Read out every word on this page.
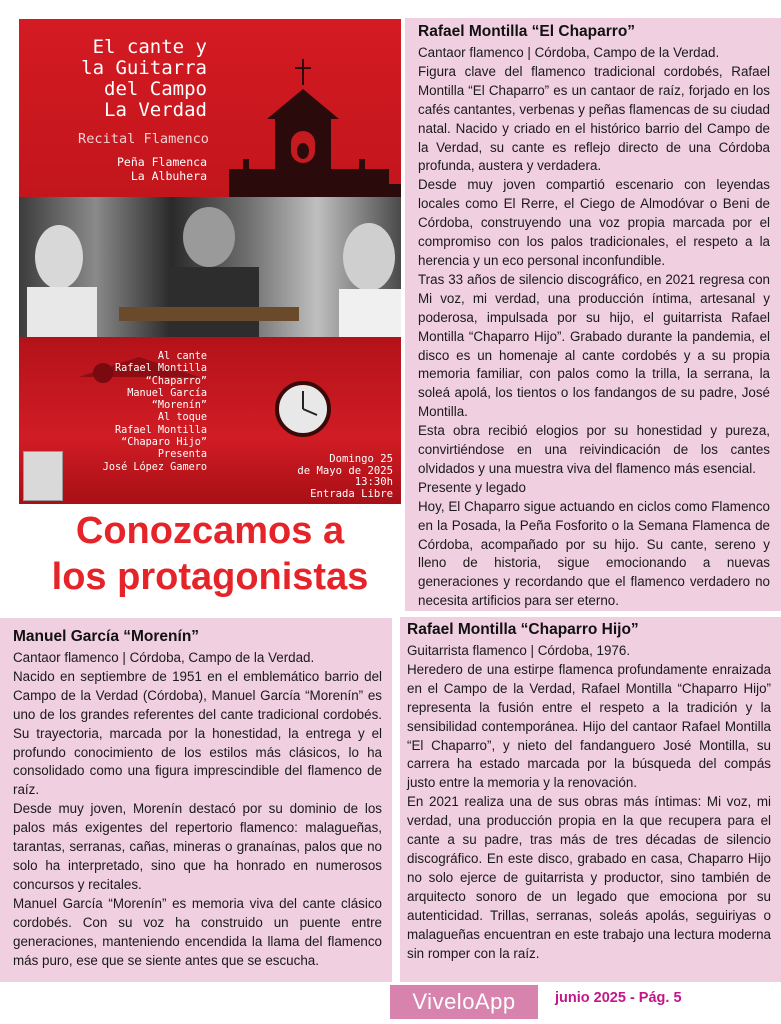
El cante y
la Guitarra
del Campo
La Verdad
Recital Flamenco
Peña Flamenca
La Albuhera
Al cante
Rafael Montilla
“Chaparro”
Manuel García
“Morenín”
Al toque
Rafael Montilla
“Chaparo Hijo”
Presenta
José López Gamero
Domingo 25
de Mayo de 2025
13:30h
Entrada Libre
Conozcamos a
los protagonistas
Rafael Montilla “El Chaparro”

Cantaor flamenco | Córdoba, Campo de la Verdad.

Figura clave del flamenco tradicional cordobés, Rafael Montilla “El Chaparro” es un cantaor de raíz, forjado en los cafés cantantes, verbenas y peñas flamencas de su ciudad natal. Nacido y criado en el histórico barrio del Campo de la Verdad, su cante es reflejo directo de una Córdoba profunda, austera y verdadera.

Desde muy joven compartió escenario con leyendas locales como El Rerre, el Ciego de Almodóvar o Beni de Córdoba, construyendo una voz propia marcada por el compromiso con los palos tradicionales, el respeto a la herencia y un eco personal inconfundible.

Tras 33 años de silencio discográfico, en 2021 regresa con Mi voz, mi verdad, una producción íntima, artesanal y poderosa, impulsada por su hijo, el guitarrista Rafael Montilla “Chaparro Hijo”. Grabado durante la pandemia, el disco es un homenaje al cante cordobés y a su propia memoria familiar, con palos como la trilla, la serrana, la soleá apolá, los tientos o los fandangos de su padre, José Montilla.

Esta obra recibió elogios por su honestidad y pureza, convirtiéndose en una reivindicación de los cantes olvidados y una muestra viva del flamenco más esencial.

Presente y legado

Hoy, El Chaparro sigue actuando en ciclos como Flamenco en la Posada, la Peña Fosforito o la Semana Flamenca de Córdoba, acompañado por su hijo. Su cante, sereno y lleno de historia, sigue emocionando a nuevas generaciones y recordando que el flamenco verdadero no necesita artificios para ser eterno.

Manuel García “Morenín”

Cantaor flamenco | Córdoba, Campo de la Verdad.

Nacido en septiembre de 1951 en el emblemático barrio del Campo de la Verdad (Córdoba), Manuel García “Morenín” es uno de los grandes referentes del cante tradicional cordobés. Su trayectoria, marcada por la honestidad, la entrega y el profundo conocimiento de los estilos más clásicos, lo ha consolidado como una figura imprescindible del flamenco de raíz.

Desde muy joven, Morenín destacó por su dominio de los palos más exigentes del repertorio flamenco: malagueñas, tarantas, serranas, cañas, mineras o granaínas, palos que no solo ha interpretado, sino que ha honrado en numerosos concursos y recitales.

Manuel García “Morenín” es memoria viva del cante clásico cordobés. Con su voz ha construido un puente entre generaciones, manteniendo encendida la llama del flamenco más puro, ese que se siente antes que se escucha.

Rafael Montilla “Chaparro Hijo”

Guitarrista flamenco | Córdoba, 1976.

Heredero de una estirpe flamenca profundamente enraizada en el Campo de la Verdad, Rafael Montilla “Chaparro Hijo” representa la fusión entre el respeto a la tradición y la sensibilidad contemporánea. Hijo del cantaor Rafael Montilla “El Chaparro”, y nieto del fandanguero José Montilla, su carrera ha estado marcada por la búsqueda del compás justo entre la memoria y la renovación.

En 2021 realiza una de sus obras más íntimas: Mi voz, mi verdad, una producción propia en la que recupera para el cante a su padre, tras más de tres décadas de silencio discográfico. En este disco, grabado en casa, Chaparro Hijo no solo ejerce de guitarrista y productor, sino también de arquitecto sonoro de un legado que emociona por su autenticidad. Trillas, serranas, soleás apolás, seguiriyas o malagueñas encuentran en este trabajo una lectura moderna sin romper con la raíz.

ViveloApp	junio 2025 - Pág. 5
